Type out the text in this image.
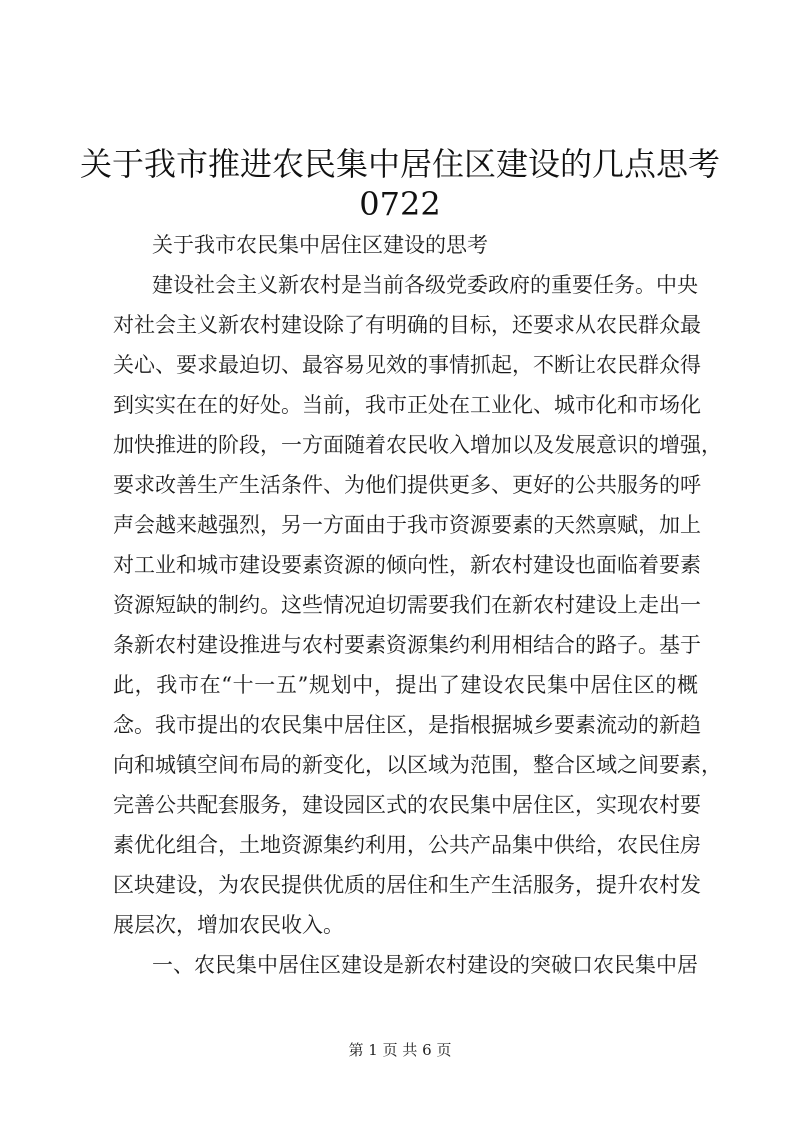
关于我市推进农民集中居住区建设的几点思考
0722
关于我市农民集中居住区建设的思考
建设社会主义新农村是当前各级党委政府的重要任务。中央
对社会主义新农村建设除了有明确的目标，还要求从农民群众最
关心、要求最迫切、最容易见效的事情抓起，不断让农民群众得
到实实在在的好处。当前，我市正处在工业化、城市化和市场化
加快推进的阶段，一方面随着农民收入增加以及发展意识的增强，
要求改善生产生活条件、为他们提供更多、更好的公共服务的呼
声会越来越强烈，另一方面由于我市资源要素的天然禀赋，加上
对工业和城市建设要素资源的倾向性，新农村建设也面临着要素
资源短缺的制约。这些情况迫切需要我们在新农村建设上走出一
条新农村建设推进与农村要素资源集约利用相结合的路子。基于
此，我市在“十一五”规划中，提出了建设农民集中居住区的概
念。我市提出的农民集中居住区，是指根据城乡要素流动的新趋
向和城镇空间布局的新变化，以区域为范围，整合区域之间要素，
完善公共配套服务，建设园区式的农民集中居住区，实现农村要
素优化组合，土地资源集约利用，公共产品集中供给，农民住房
区块建设，为农民提供优质的居住和生产生活服务，提升农村发
展层次，增加农民收入。
一、农民集中居住区建设是新农村建设的突破口农民集中居
第 1 页 共 6 页
